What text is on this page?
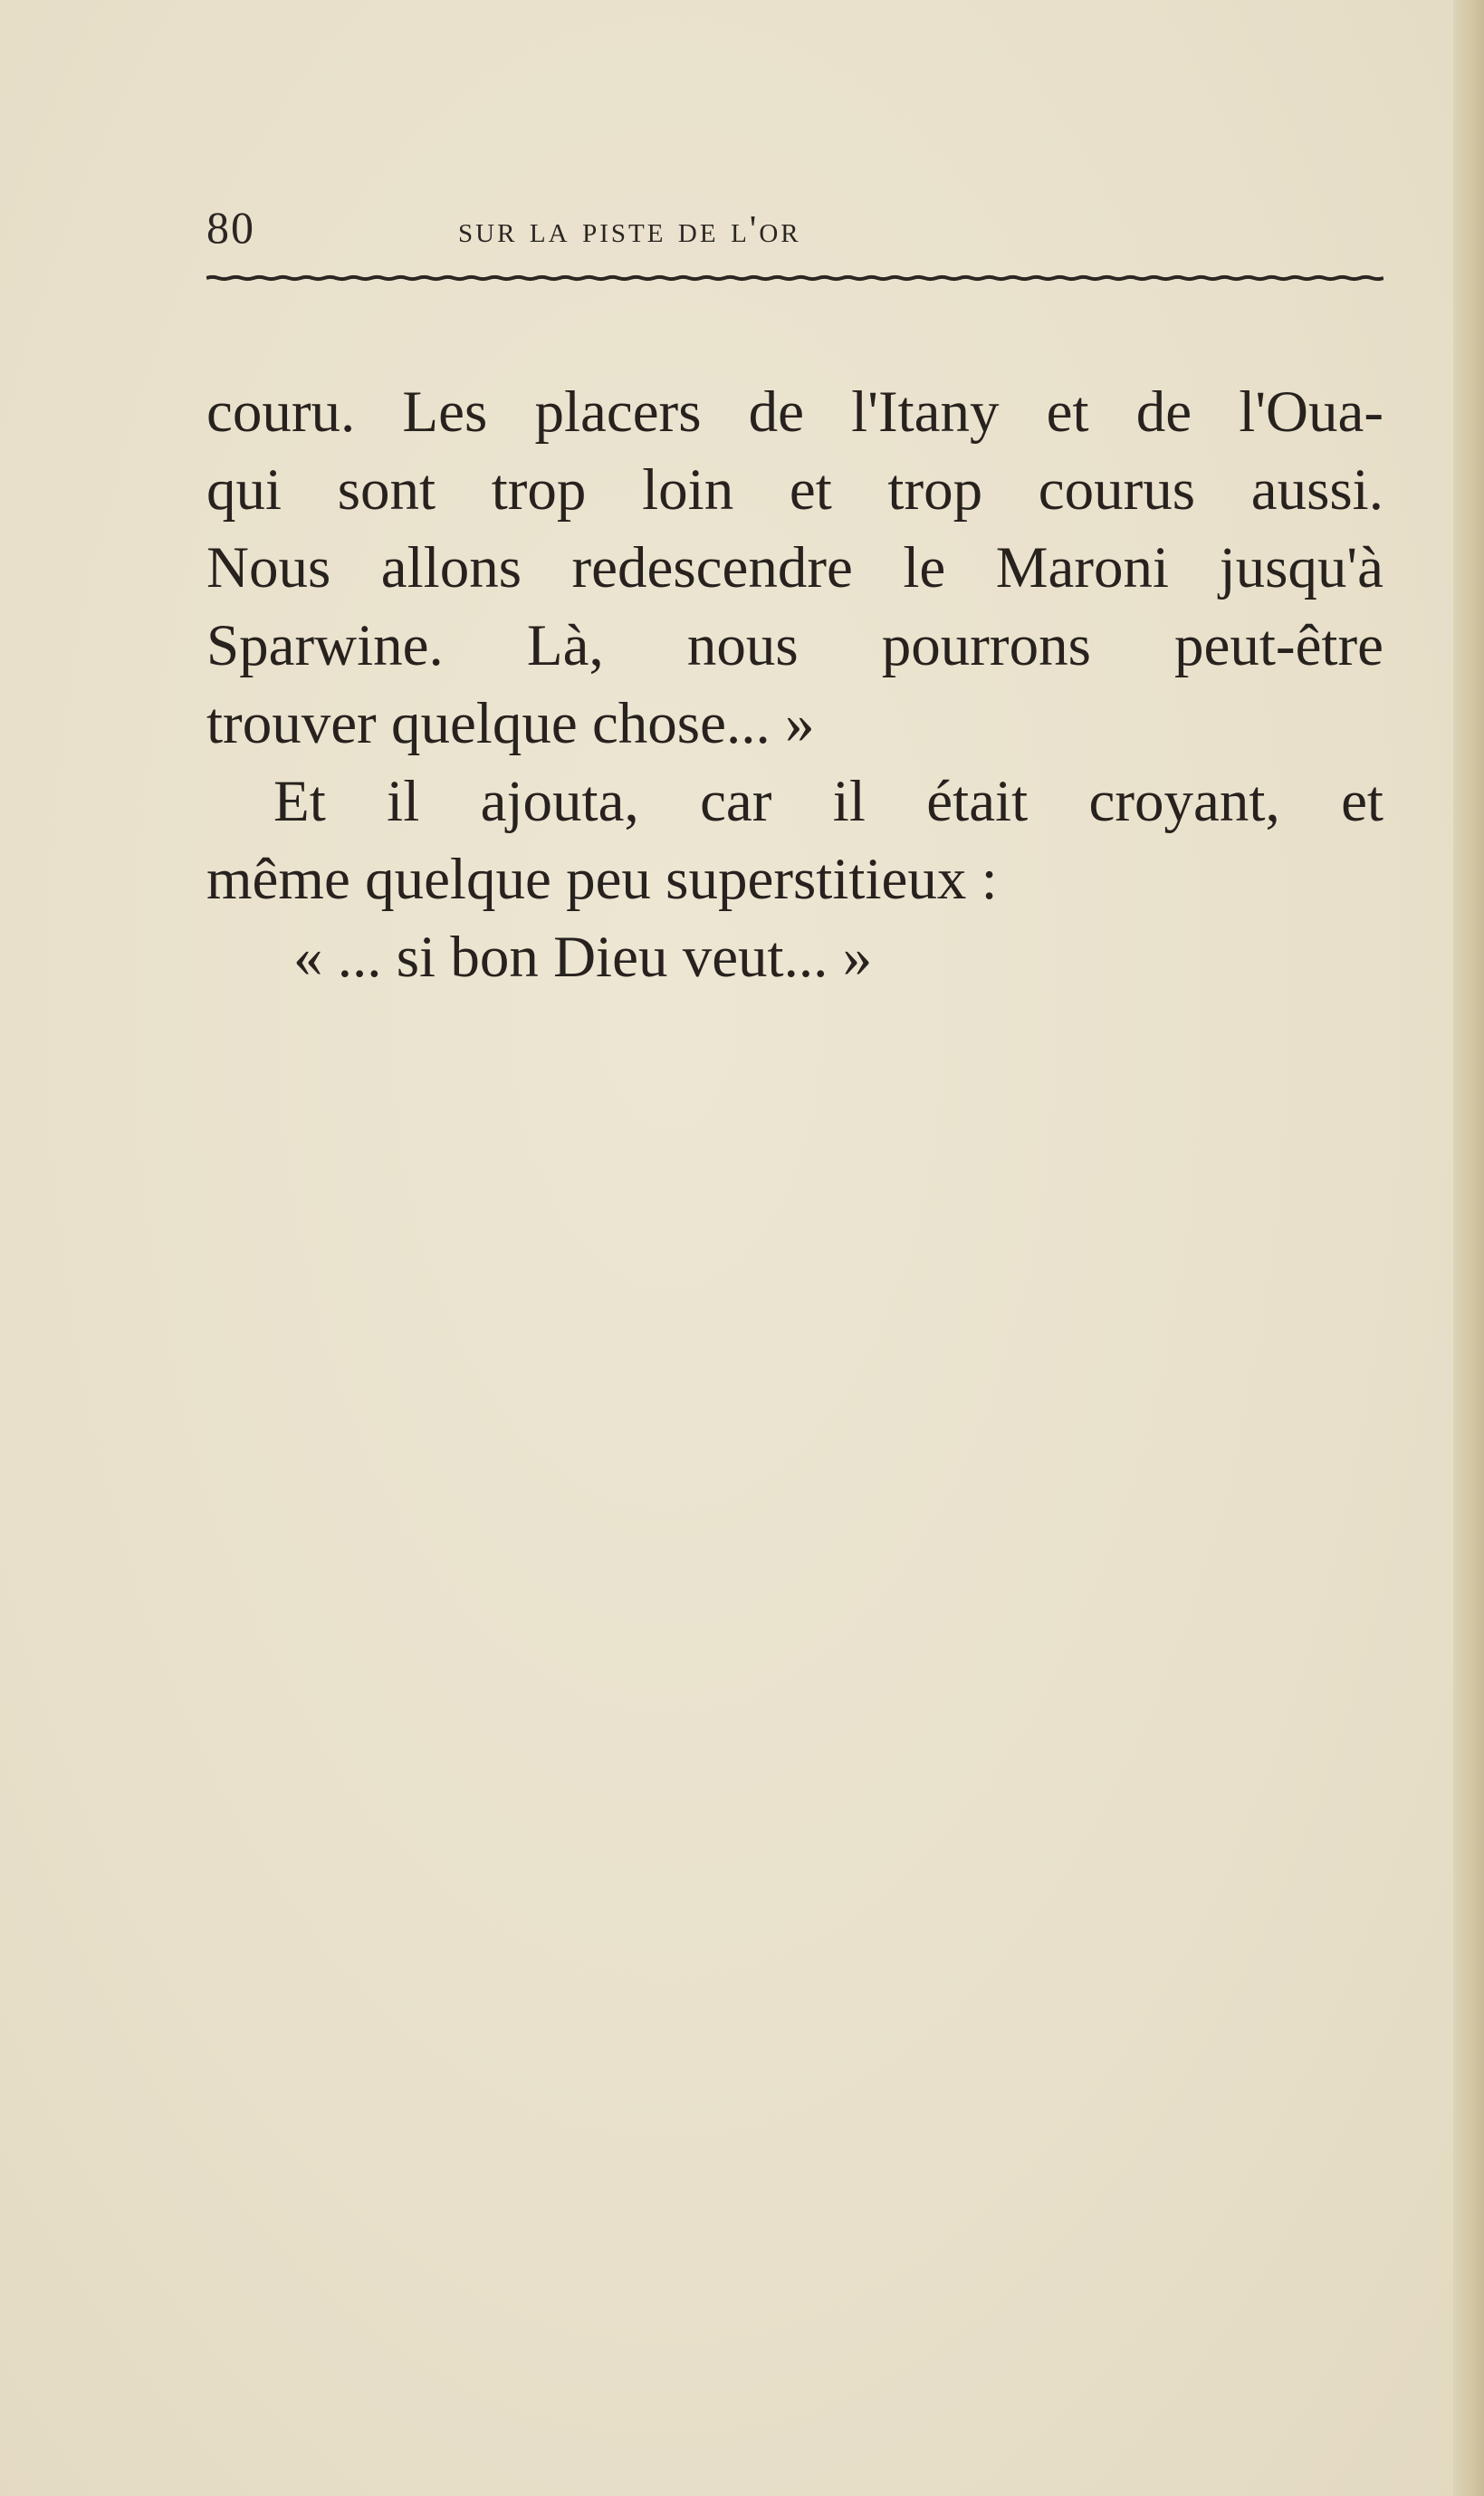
80	sur la piste de l'or
couru. Les placers de l'Itany et de l'Oua-
qui sont trop loin et trop courus aussi.
Nous allons redescendre le Maroni jusqu'à
Sparwine. Là, nous pourrons peut-être
trouver quelque chose... »
Et il ajouta, car il était croyant, et
même quelque peu superstitieux :
« ... si bon Dieu veut... »
